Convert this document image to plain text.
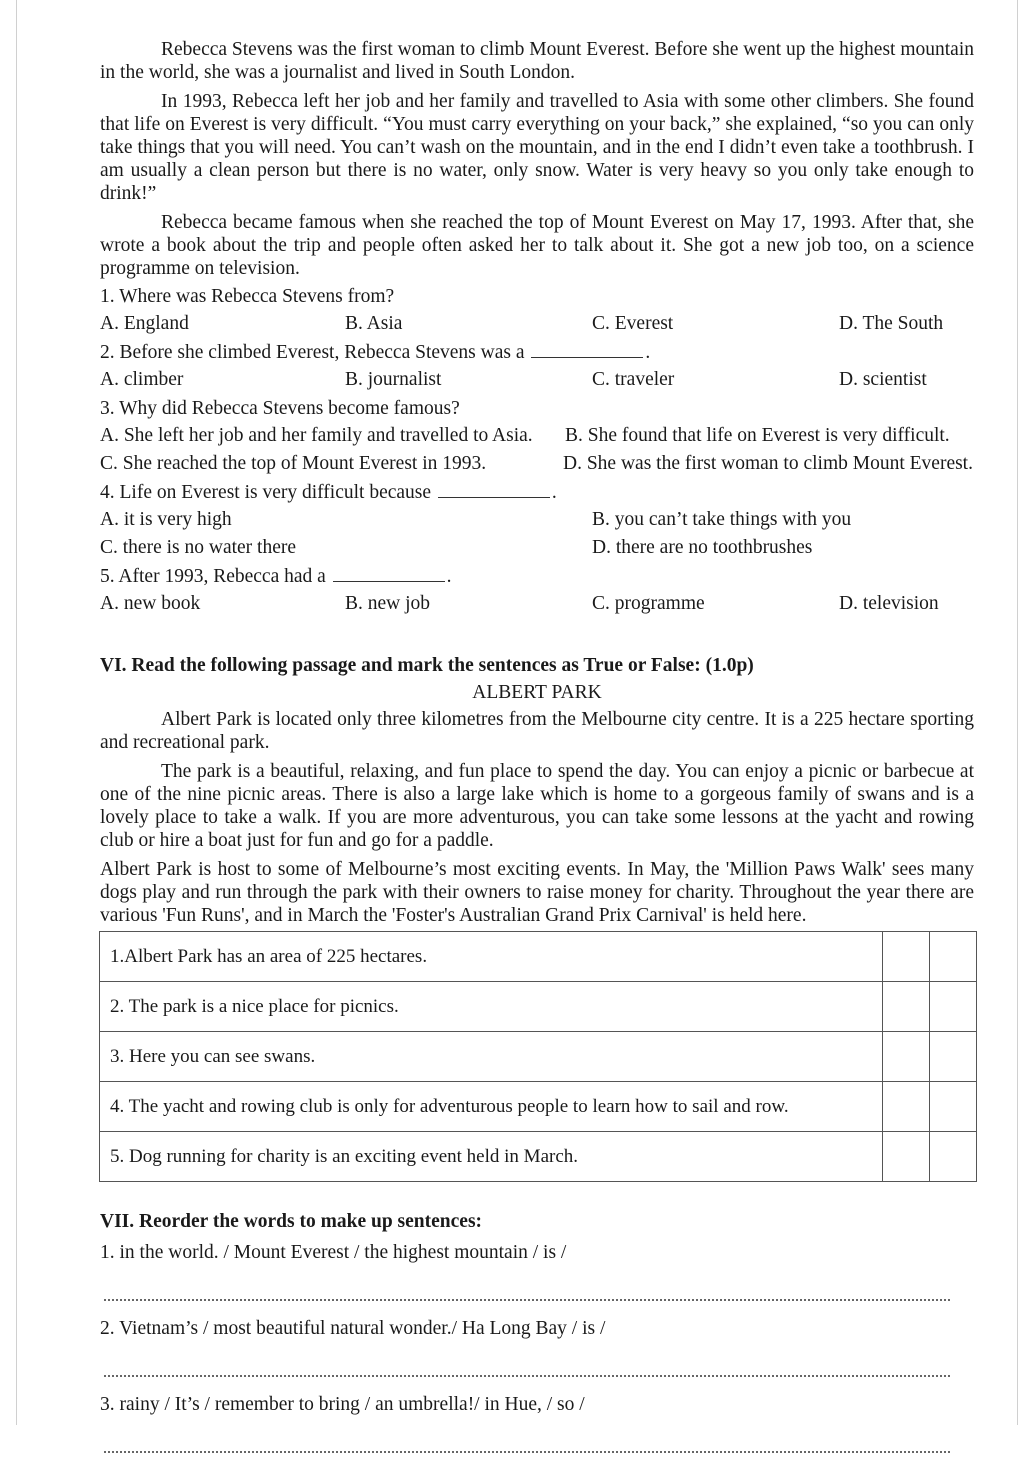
Rebecca Stevens was the first woman to climb Mount Everest. Before she went up the highest mountain in the world, she was a journalist and lived in South London.

In 1993, Rebecca left her job and her family and travelled to Asia with some other climbers. She found that life on Everest is very difficult. “You must carry everything on your back,” she explained, “so you can only take things that you will need. You can’t wash on the mountain, and in the end I didn’t even take a toothbrush. I am usually a clean person but there is no water, only snow. Water is very heavy so you only take enough to drink!”

Rebecca became famous when she reached the top of Mount Everest on May 17, 1993. After that, she wrote a book about the trip and people often asked her to talk about it. She got a new job too, on a science programme on television.

1. Where was Rebecca Stevens from?
A. England	B. Asia	C. Everest	D. The South
2. Before she climbed Everest, Rebecca Stevens was a	.
A. climber	B. journalist	C. traveler	D. scientist
3. Why did Rebecca Stevens become famous?
A. She left her job and her family and travelled to Asia. B. She found that life on Everest is very difficult.
C. She reached the top of Mount Everest in 1993.	D. She was the first woman to climb Mount Everest.
4. Life on Everest is very difficult because	.
A. it is very high	B. you can’t take things with you
C. there is no water there	D. there are no toothbrushes
5. After 1993, Rebecca had a	.
A. new book	B. new job	C. programme	D. television
VI. Read the following passage and mark the sentences as True or False: (1.0p)
ALBERT PARK

Albert Park is located only three kilometres from the Melbourne city centre. It is a 225 hectare sporting and recreational park.

The park is a beautiful, relaxing, and fun place to spend the day. You can enjoy a picnic or barbecue at one of the nine picnic areas. There is also a large lake which is home to a gorgeous family of swans and is a lovely place to take a walk. If you are more adventurous, you can take some lessons at the yacht and rowing club or hire a boat just for fun and go for a paddle.

Albert Park is host to some of Melbourne’s most exciting events. In May, the 'Million Paws Walk' sees many dogs play and run through the park with their owners to raise money for charity. Throughout the year there are various 'Fun Runs', and in March the 'Foster's Australian Grand Prix Carnival' is held here.

1.Albert Park has an area of 225 hectares.		
2. The park is a nice place for picnics.		
3. Here you can see swans.		
4. The yacht and rowing club is only for adventurous people to learn how to sail and row.		
5. Dog running for charity is an exciting event held in March.		
VII. Reorder the words to make up sentences:
1. in the world. / Mount Everest / the highest mountain / is /
2. Vietnam’s / most beautiful natural wonder./ Ha Long Bay / is /
3. rainy / It’s / remember to bring / an umbrella!/ in Hue, / so /
